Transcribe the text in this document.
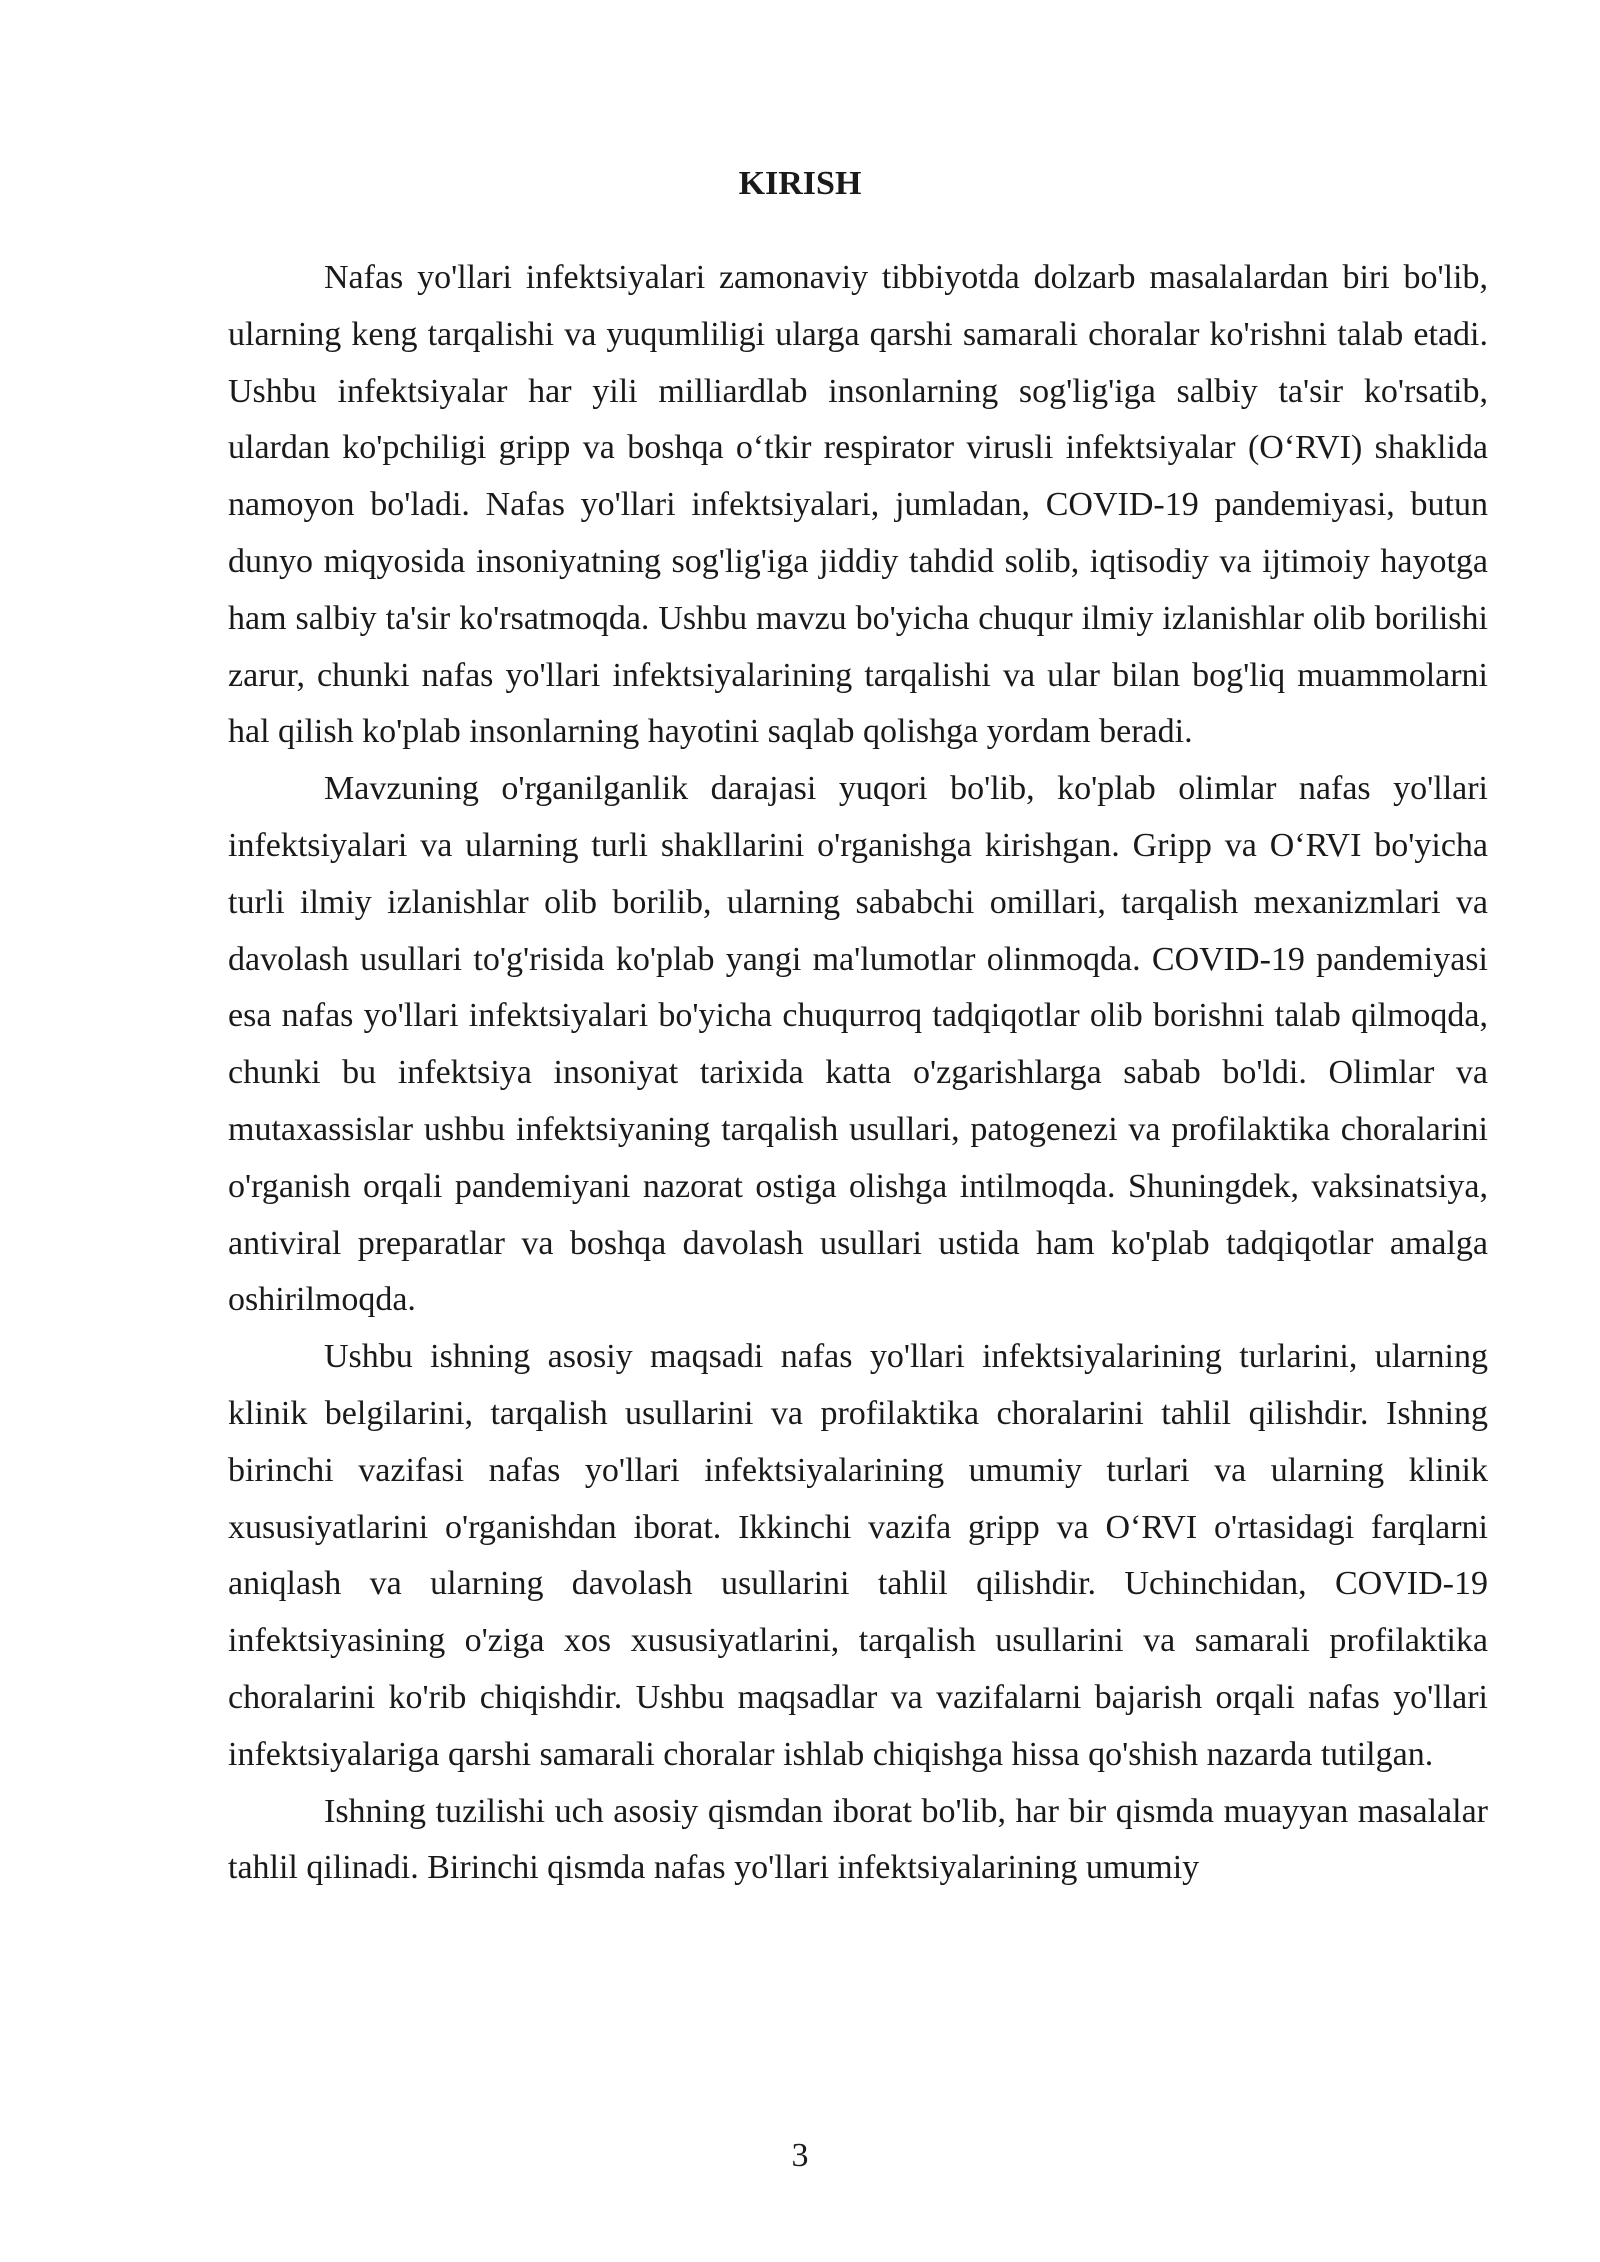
KIRISH

Nafas yo'llari infektsiyalari zamonaviy tibbiyotda dolzarb masalalardan biri bo'lib, ularning keng tarqalishi va yuqumliligi ularga qarshi samarali choralar ko'rishni talab etadi. Ushbu infektsiyalar har yili milliardlab insonlarning sog'lig'iga salbiy ta'sir ko'rsatib, ulardan ko'pchiligi gripp va boshqa o‘tkir respirator virusli infektsiyalar (O‘RVI) shaklida namoyon bo'ladi. Nafas yo'llari infektsiyalari, jumladan, COVID-19 pandemiyasi, butun dunyo miqyosida insoniyatning sog'lig'iga jiddiy tahdid solib, iqtisodiy va ijtimoiy hayotga ham salbiy ta'sir ko'rsatmoqda. Ushbu mavzu bo'yicha chuqur ilmiy izlanishlar olib borilishi zarur, chunki nafas yo'llari infektsiyalarining tarqalishi va ular bilan bog'liq muammolarni hal qilish ko'plab insonlarning hayotini saqlab qolishga yordam beradi.

Mavzuning o'rganilganlik darajasi yuqori bo'lib, ko'plab olimlar nafas yo'llari infektsiyalari va ularning turli shakllarini o'rganishga kirishgan. Gripp va O‘RVI bo'yicha turli ilmiy izlanishlar olib borilib, ularning sababchi omillari, tarqalish mexanizmlari va davolash usullari to'g'risida ko'plab yangi ma'lumotlar olinmoqda. COVID-19 pandemiyasi esa nafas yo'llari infektsiyalari bo'yicha chuqurroq tadqiqotlar olib borishni talab qilmoqda, chunki bu infektsiya insoniyat tarixida katta o'zgarishlarga sabab bo'ldi. Olimlar va mutaxassislar ushbu infektsiyaning tarqalish usullari, patogenezi va profilaktika choralarini o'rganish orqali pandemiyani nazorat ostiga olishga intilmoqda. Shuningdek, vaksinatsiya, antiviral preparatlar va boshqa davolash usullari ustida ham ko'plab tadqiqotlar amalga oshirilmoqda.

Ushbu ishning asosiy maqsadi nafas yo'llari infektsiyalarining turlarini, ularning klinik belgilarini, tarqalish usullarini va profilaktika choralarini tahlil qilishdir. Ishning birinchi vazifasi nafas yo'llari infektsiyalarining umumiy turlari va ularning klinik xususiyatlarini o'rganishdan iborat. Ikkinchi vazifa gripp va O‘RVI o'rtasidagi farqlarni aniqlash va ularning davolash usullarini tahlil qilishdir. Uchinchidan, COVID-19 infektsiyasining o'ziga xos xususiyatlarini, tarqalish usullarini va samarali profilaktika choralarini ko'rib chiqishdir. Ushbu maqsadlar va vazifalarni bajarish orqali nafas yo'llari infektsiyalariga qarshi samarali choralar ishlab chiqishga hissa qo'shish nazarda tutilgan.

Ishning tuzilishi uch asosiy qismdan iborat bo'lib, har bir qismda muayyan masalalar tahlil qilinadi. Birinchi qismda nafas yo'llari infektsiyalarining umumiy

3
